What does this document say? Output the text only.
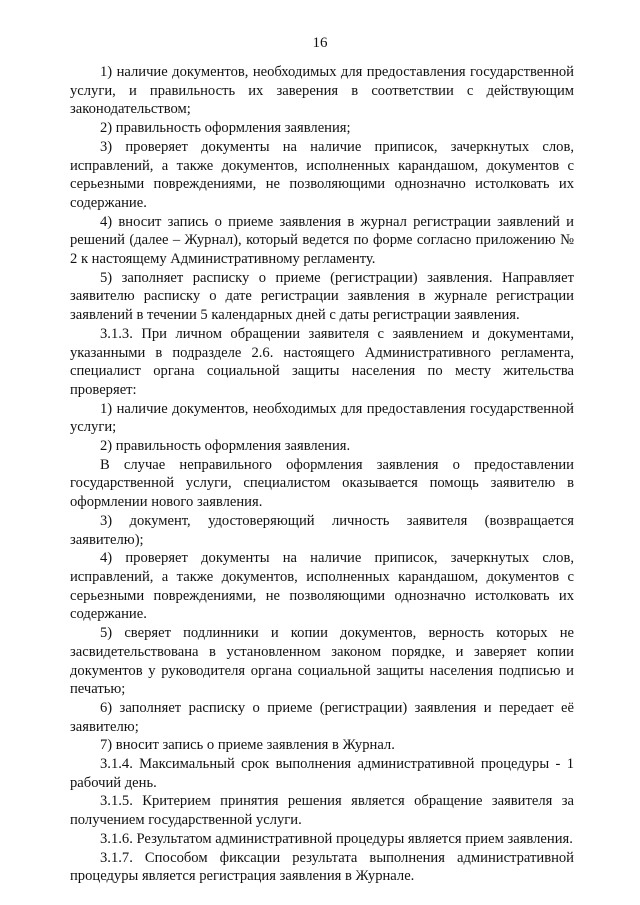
16

1) наличие документов, необходимых для предоставления государственной услуги, и правильность их заверения в соответствии с действующим законодательством;

2) правильность оформления заявления;

3) проверяет документы на наличие приписок, зачеркнутых слов, исправлений, а также документов, исполненных карандашом, документов с серьезными повреждениями, не позволяющими однозначно истолковать их содержание.

4) вносит запись о приеме заявления в журнал регистрации заявлений и решений (далее – Журнал), который ведется по форме согласно приложению № 2 к настоящему Административному регламенту.

5) заполняет расписку о приеме (регистрации) заявления. Направляет заявителю расписку о дате регистрации заявления в журнале регистрации заявлений в течении 5 календарных дней с даты регистрации заявления.

3.1.3. При личном обращении заявителя с заявлением и документами, указанными в подразделе 2.6. настоящего Административного регламента, специалист органа социальной защиты населения по месту жительства проверяет:

1) наличие документов, необходимых для предоставления государственной услуги;

2) правильность оформления заявления.

В случае неправильного оформления заявления о предоставлении государственной услуги, специалистом оказывается помощь заявителю в оформлении нового заявления.

3) документ, удостоверяющий личность заявителя (возвращается заявителю);

4) проверяет документы на наличие приписок, зачеркнутых слов, исправлений, а также документов, исполненных карандашом, документов с серьезными повреждениями, не позволяющими однозначно истолковать их содержание.

5) сверяет подлинники и копии документов, верность которых не засвидетельствована в установленном законом порядке, и заверяет копии документов у руководителя органа социальной защиты населения подписью и печатью;

6) заполняет расписку о приеме (регистрации) заявления и передает её заявителю;

7) вносит запись о приеме заявления в Журнал.

3.1.4. Максимальный срок выполнения административной процедуры - 1 рабочий день.

3.1.5. Критерием принятия решения является обращение заявителя за получением государственной услуги.

3.1.6. Результатом административной процедуры является прием заявления.

3.1.7. Способом фиксации результата выполнения административной процедуры является регистрация заявления в Журнале.
